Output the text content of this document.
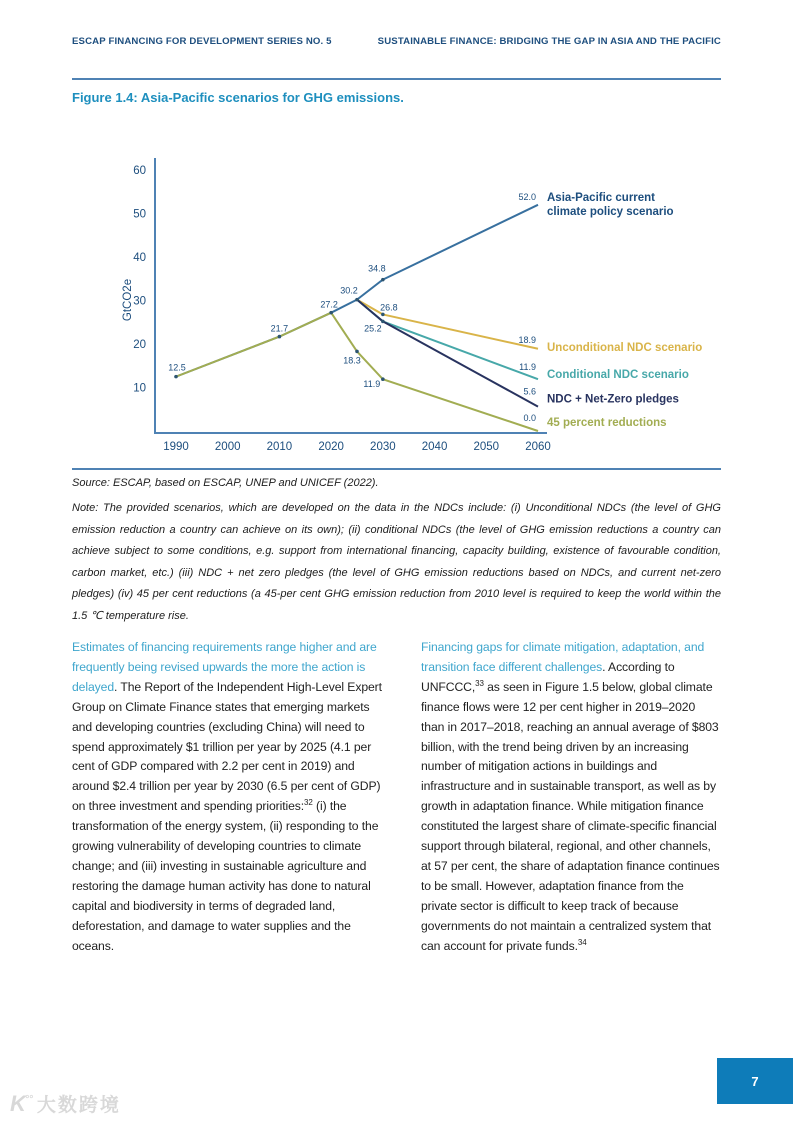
ESCAP FINANCING FOR DEVELOPMENT SERIES NO. 5	SUSTAINABLE FINANCE: BRIDGING THE GAP IN ASIA AND THE PACIFIC
Figure 1.4: Asia-Pacific scenarios for GHG emissions.
10
20
30
40
50
60
GtCO2e
1990 2000 2010 2020 2030 2040 2050 2060
12.5
21.7
27.2
30.2
34.8
52.0 Asia-Pacific current
climate policy scenario
26.8
18.9
Unconditional NDC scenario
25.2
11.9
Conditional NDC scenario
5.6
NDC + Net-Zero pledges
18.3
11.9
0.0 45 percent reductions
Source: ESCAP, based on ESCAP, UNEP and UNICEF (2022).
Note: The provided scenarios, which are developed on the data in the NDCs include: (i) Unconditional NDCs (the level of GHG emission reduction a country can achieve on its own); (ii) conditional NDCs (the level of GHG emission reductions a country can achieve subject to some conditions, e.g. support from international financing, capacity building, existence of favourable condition, carbon market, etc.) (iii) NDC + net zero pledges (the level of GHG emission reductions based on NDCs, and current net-zero pledges) (iv) 45 per cent reductions (a 45-per cent GHG emission reduction from 2010 level is required to keep the world within the 1.5 ℃ temperature rise.
Estimates of financing requirements range higher and are frequently being revised upwards the more the action is delayed. The Report of the Independent High-Level Expert Group on Climate Finance states that emerging markets and developing countries (excluding China) will need to spend approximately $1 trillion per year by 2025 (4.1 per cent of GDP compared with 2.2 per cent in 2019) and around $2.4 trillion per year by 2030 (6.5 per cent of GDP) on three investment and spending priorities:$^{32}$ (i) the transformation of the energy system, (ii) responding to the growing vulnerability of developing countries to climate change; and (iii) investing in sustainable agriculture and restoring the damage human activity has done to natural capital and biodiversity in terms of degraded land, deforestation, and damage to water supplies and the oceans.
Financing gaps for climate mitigation, adaptation, and transition face different challenges. According to UNFCCC,$^{33}$ as seen in Figure 1.5 below, global climate finance flows were 12 per cent higher in 2019–2020 than in 2017–2018, reaching an annual average of $803 billion, with the trend being driven by an increasing number of mitigation actions in buildings and infrastructure and in sustainable transport, as well as by growth in adaptation finance. While mitigation finance constituted the largest share of climate-specific financial support through bilateral, regional, and other channels, at 57 per cent, the share of adaptation finance continues to be small. However, adaptation finance from the private sector is difficult to keep track of because governments do not maintain a centralized system that can account for private funds.$^{34}$
7
K°° 大数跨境
